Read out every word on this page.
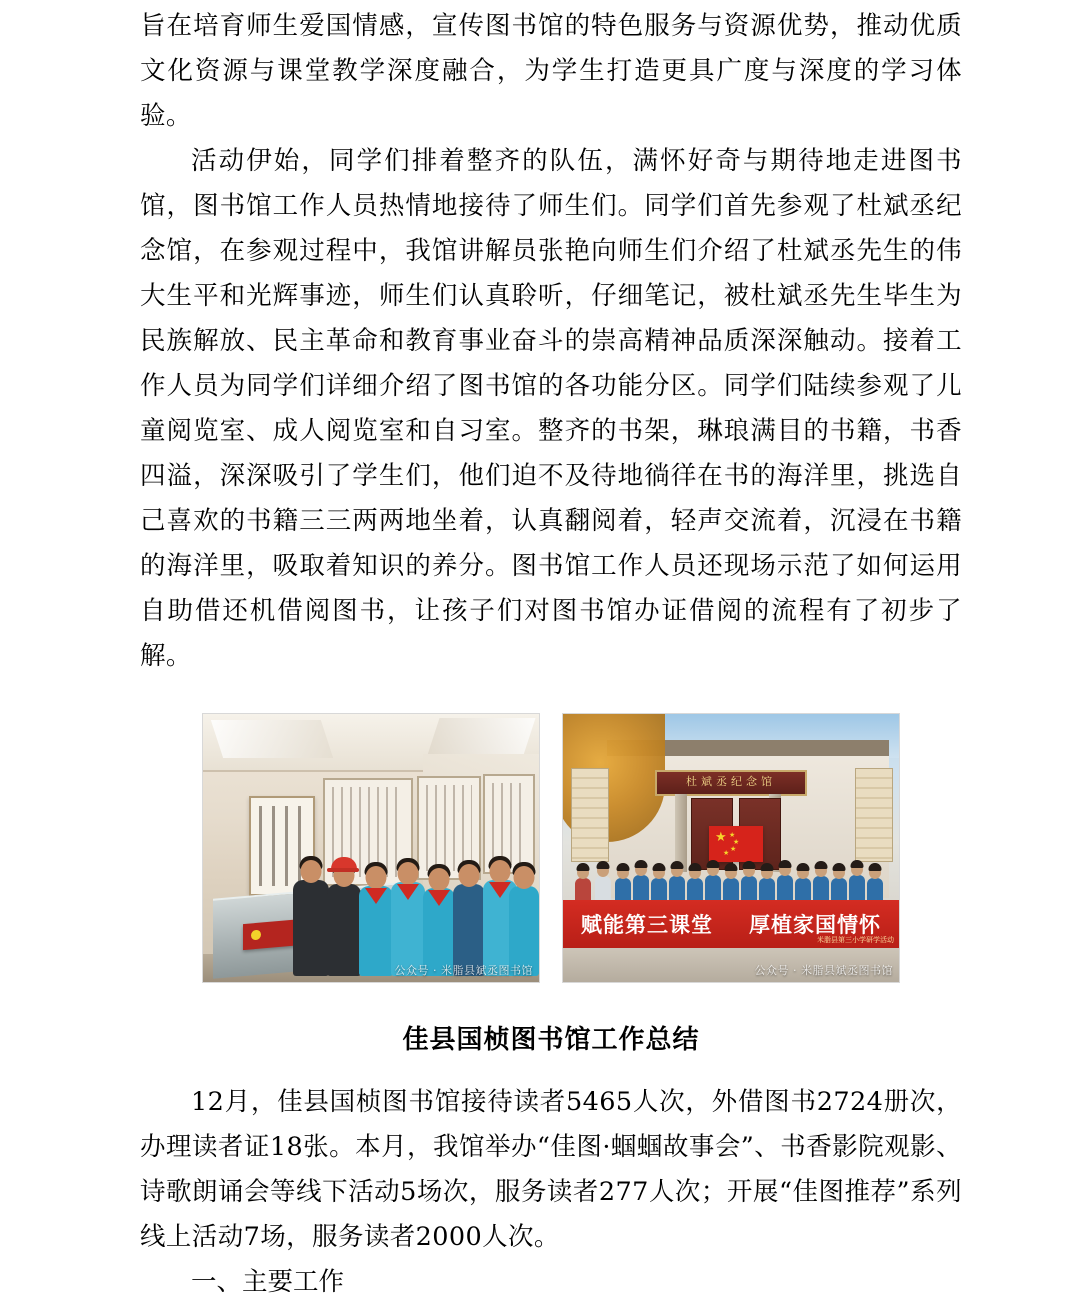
旨在培育师生爱国情感，宣传图书馆的特色服务与资源优势，推动优质文化资源与课堂教学深度融合，为学生打造更具广度与深度的学习体验。

活动伊始，同学们排着整齐的队伍，满怀好奇与期待地走进图书馆，图书馆工作人员热情地接待了师生们。同学们首先参观了杜斌丞纪念馆，在参观过程中，我馆讲解员张艳向师生们介绍了杜斌丞先生的伟大生平和光辉事迹，师生们认真聆听，仔细笔记，被杜斌丞先生毕生为民族解放、民主革命和教育事业奋斗的崇高精神品质深深触动。接着工作人员为同学们详细介绍了图书馆的各功能分区。同学们陆续参观了儿童阅览室、成人阅览室和自习室。整齐的书架，琳琅满目的书籍，书香四溢，深深吸引了学生们，他们迫不及待地徜徉在书的海洋里，挑选自己喜欢的书籍三三两两地坐着，认真翻阅着，轻声交流着，沉浸在书籍的海洋里，吸取着知识的养分。图书馆工作人员还现场示范了如何运用自助借还机借阅图书，让孩子们对图书馆办证借阅的流程有了初步了解。

公众号 · 米脂县斌丞图书馆
杜斌丞纪念馆
★ ★
★
★
★
赋能第三课堂 厚植家国情怀
米脂县第三小学研学活动
公众号 · 米脂县斌丞图书馆
佳县国桢图书馆工作总结

12月，佳县国桢图书馆接待读者5465人次，外借图书2724册次，办理读者证18张。本月，我馆举办“佳图·蝈蝈故事会”、书香影院观影、诗歌朗诵会等线下活动5场次，服务读者277人次；开展“佳图推荐”系列线上活动7场，服务读者2000人次。

一、主要工作
